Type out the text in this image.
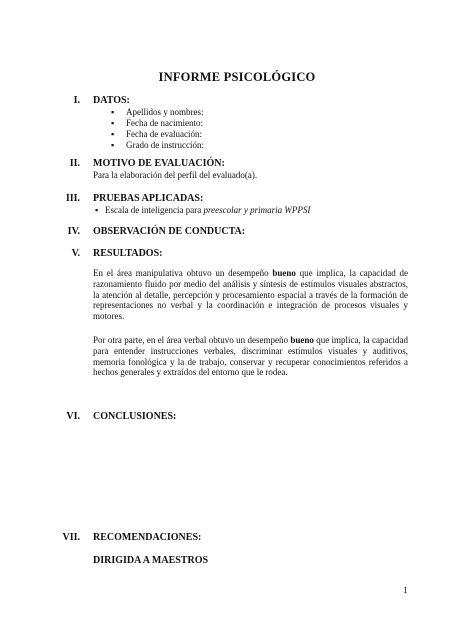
INFORME PSICOLÓGICO
I. DATOS:
▪ Apellidos y nombres:
▪ Fecha de nacimiento:
▪ Fecha de evaluación:
▪ Grado de instrucción:
II. MOTIVO DE EVALUACIÓN:
Para la elaboración del perfil del evaluado(a).
III. PRUEBAS APLICADAS:
▪ Escala de inteligencia para preescolar y primaria WPPSI
IV. OBSERVACIÓN DE CONDUCTA:
V. RESULTADOS:
En el área manipulativa obtuvo un desempeño bueno que implica, la capacidad de razonamiento fluido por medio del análisis y síntesis de estímulos visuales abstractos, la atención al detalle, percepción y procesamiento espacial a través de la formación de representaciones no verbal y la coordinación e integración de procesos visuales y motores.
Por otra parte, en el área verbal obtuvo un desempeño bueno que implica, la capacidad para entender instrucciones verbales, discriminar estímulos visuales y auditivos, memoria fonológica y la de trabajo, conservar y recuperar conocimientos referidos a hechos generales y extraídos del entorno que le rodea.
VI. CONCLUSIONES:
VII. RECOMENDACIONES:
DIRIGIDA A MAESTROS
1
